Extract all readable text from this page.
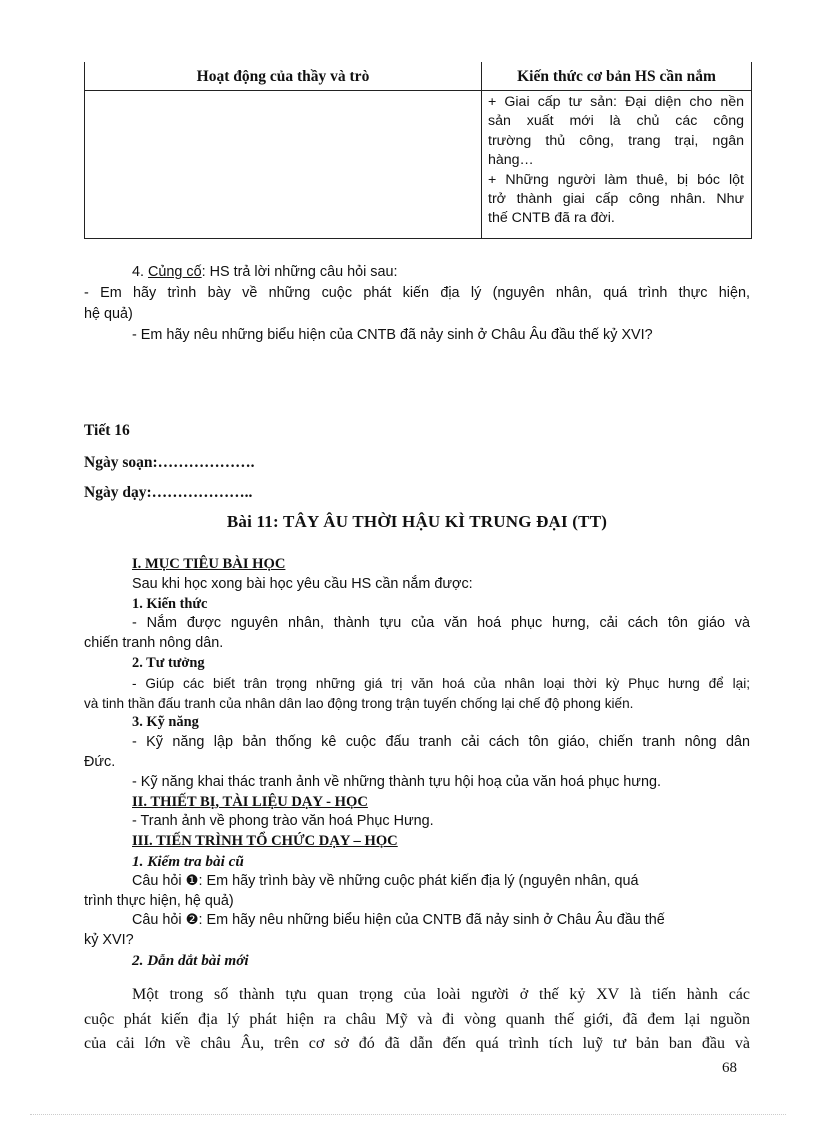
Hoạt động của thầy và trò	Kiến thức cơ bản HS cần nắm

+ Giai cấp tư sản: Đại diện cho nền

sản xuất mới là chủ các công

trường thủ công, trang trại, ngân

hàng…

+ Những người làm thuê, bị bóc lột

trở thành giai cấp công nhân. Như

thế CNTB đã ra đời.

4. Củng cố: HS trả lời những câu hỏi sau:
- Em hãy trình bày về những cuộc phát kiến địa lý (nguyên nhân, quá trình thực hiện,
hệ quả)
- Em hãy nêu những biểu hiện của CNTB đã nảy sinh ở Châu Âu đầu thế kỷ XVI?
Tiết 16
Ngày soạn:……………….
Ngày dạy:………………..
Bài 11: TÂY ÂU THỜI HẬU KÌ TRUNG ĐẠI (TT)
I. MỤC TIÊU BÀI HỌC
Sau khi học xong bài học yêu cầu HS cần nắm được:
1. Kiến thức
- Nắm được nguyên nhân, thành tựu của văn hoá phục hưng, cải cách tôn giáo và
chiến tranh nông dân.
2. Tư tưởng
- Giúp các biết trân trọng những giá trị văn hoá của nhân loại thời kỳ Phục hưng để lại;
và tinh thần đấu tranh của nhân dân lao động trong trận tuyến chống lại chế độ phong kiến.
3. Kỹ năng
- Kỹ năng lập bản thống kê cuộc đấu tranh cải cách tôn giáo, chiến tranh nông dân
Đức.
- Kỹ năng khai thác tranh ảnh về những thành tựu hội hoạ của văn hoá phục hưng.
II. THIẾT BỊ, TÀI LIỆU DẠY - HỌC
- Tranh ảnh về phong trào văn hoá Phục Hưng.
III. TIẾN TRÌNH TỔ CHỨC DẠY – HỌC
1. Kiểm tra bài cũ
Câu hỏi ❶: Em hãy trình bày về những cuộc phát kiến địa lý (nguyên nhân, quá
trình thực hiện, hệ quả)
Câu hỏi ❷: Em hãy nêu những biểu hiện của CNTB đã nảy sinh ở Châu Âu đầu thế
kỷ XVI?
2. Dẫn dắt bài mới
Một trong số thành tựu quan trọng của loài người ở thế kỷ XV là tiến hành các
cuộc phát kiến địa lý phát hiện ra châu Mỹ và đi vòng quanh thế giới, đã đem lại nguồn
của cải lớn về châu Âu, trên cơ sở đó đã dẫn đến quá trình tích luỹ tư bản ban đầu và
68
